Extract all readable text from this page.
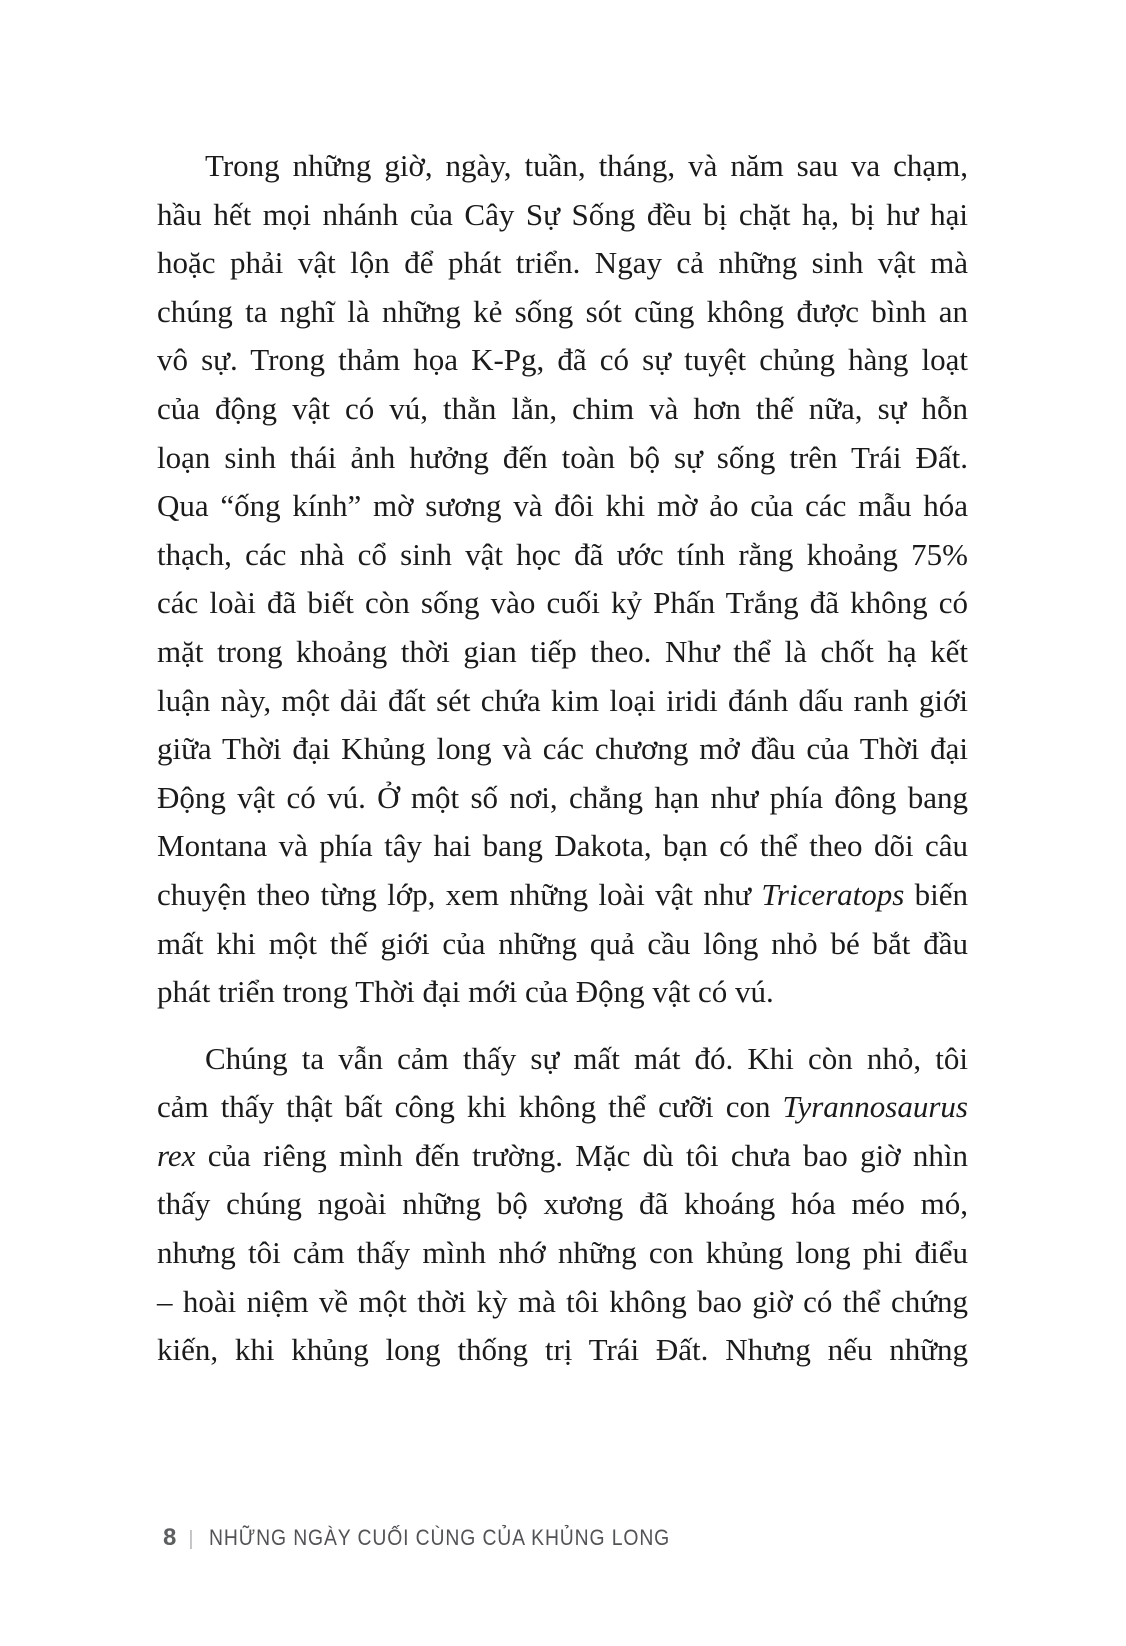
Trong những giờ, ngày, tuần, tháng, và năm sau va chạm,
hầu hết mọi nhánh của Cây Sự Sống đều bị chặt hạ, bị hư hại
hoặc phải vật lộn để phát triển. Ngay cả những sinh vật mà
chúng ta nghĩ là những kẻ sống sót cũng không được bình an
vô sự. Trong thảm họa K-Pg, đã có sự tuyệt chủng hàng loạt
của động vật có vú, thằn lằn, chim và hơn thế nữa, sự hỗn
loạn sinh thái ảnh hưởng đến toàn bộ sự sống trên Trái Đất.
Qua “ống kính” mờ sương và đôi khi mờ ảo của các mẫu hóa
thạch, các nhà cổ sinh vật học đã ước tính rằng khoảng 75%
các loài đã biết còn sống vào cuối kỷ Phấn Trắng đã không có
mặt trong khoảng thời gian tiếp theo. Như thể là chốt hạ kết
luận này, một dải đất sét chứa kim loại iridi đánh dấu ranh giới
giữa Thời đại Khủng long và các chương mở đầu của Thời đại
Động vật có vú. Ở một số nơi, chẳng hạn như phía đông bang
Montana và phía tây hai bang Dakota, bạn có thể theo dõi câu
chuyện theo từng lớp, xem những loài vật như Triceratops biến
mất khi một thế giới của những quả cầu lông nhỏ bé bắt đầu
phát triển trong Thời đại mới của Động vật có vú.
Chúng ta vẫn cảm thấy sự mất mát đó. Khi còn nhỏ, tôi
cảm thấy thật bất công khi không thể cưỡi con Tyrannosaurus
rex của riêng mình đến trường. Mặc dù tôi chưa bao giờ nhìn
thấy chúng ngoài những bộ xương đã khoáng hóa méo mó,
nhưng tôi cảm thấy mình nhớ những con khủng long phi điểu
– hoài niệm về một thời kỳ mà tôi không bao giờ có thể chứng
kiến, khi khủng long thống trị Trái Đất. Nhưng nếu những
8 | NHỮNG NGÀY CUỐI CÙNG CỦA KHỦNG LONG
